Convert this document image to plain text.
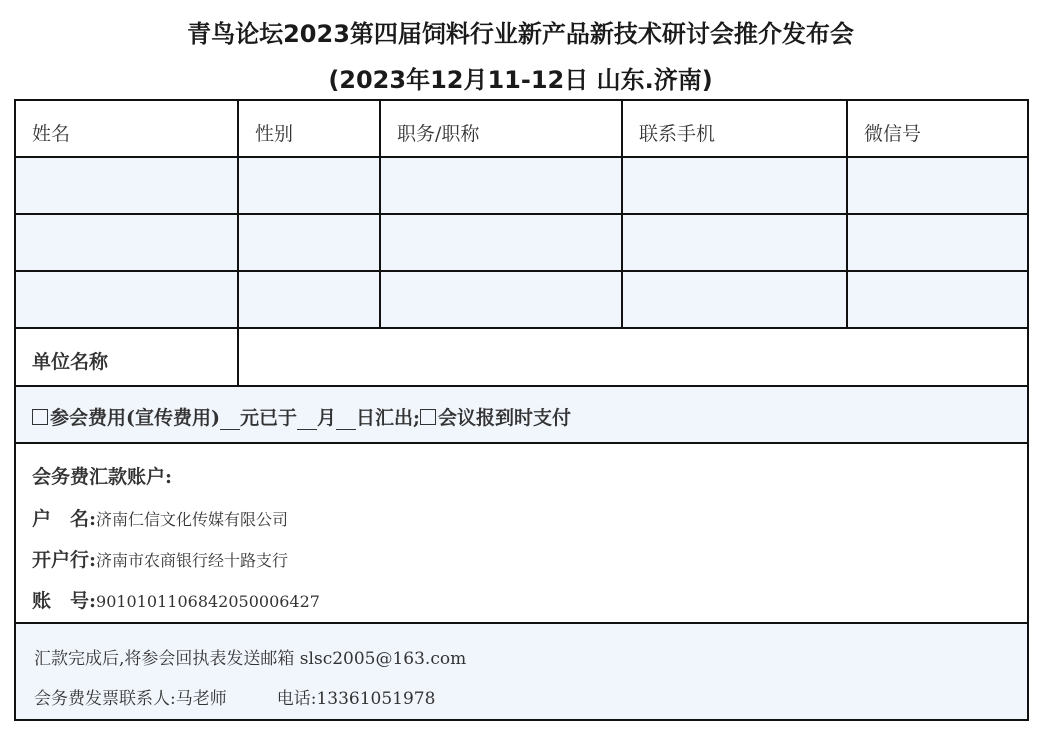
青鸟论坛2023第四届饲料行业新产品新技术研讨会推介发布会
(2023年12月11-12日 山东.济南)
姓名	性别	职务/职称	联系手机	微信号
单位名称
参会费用(宣传费用) 元已于 月 日汇出; 会议报到时支付
会务费汇款账户:
户　名:济南仁信文化传媒有限公司
开户行:济南市农商银行经十路支行
账　号:901010110684205000642​7
汇款完成后,将参会回执表发送邮箱 slsc2005@163.com
会务费发票联系人:马老师	电话:13361051978
